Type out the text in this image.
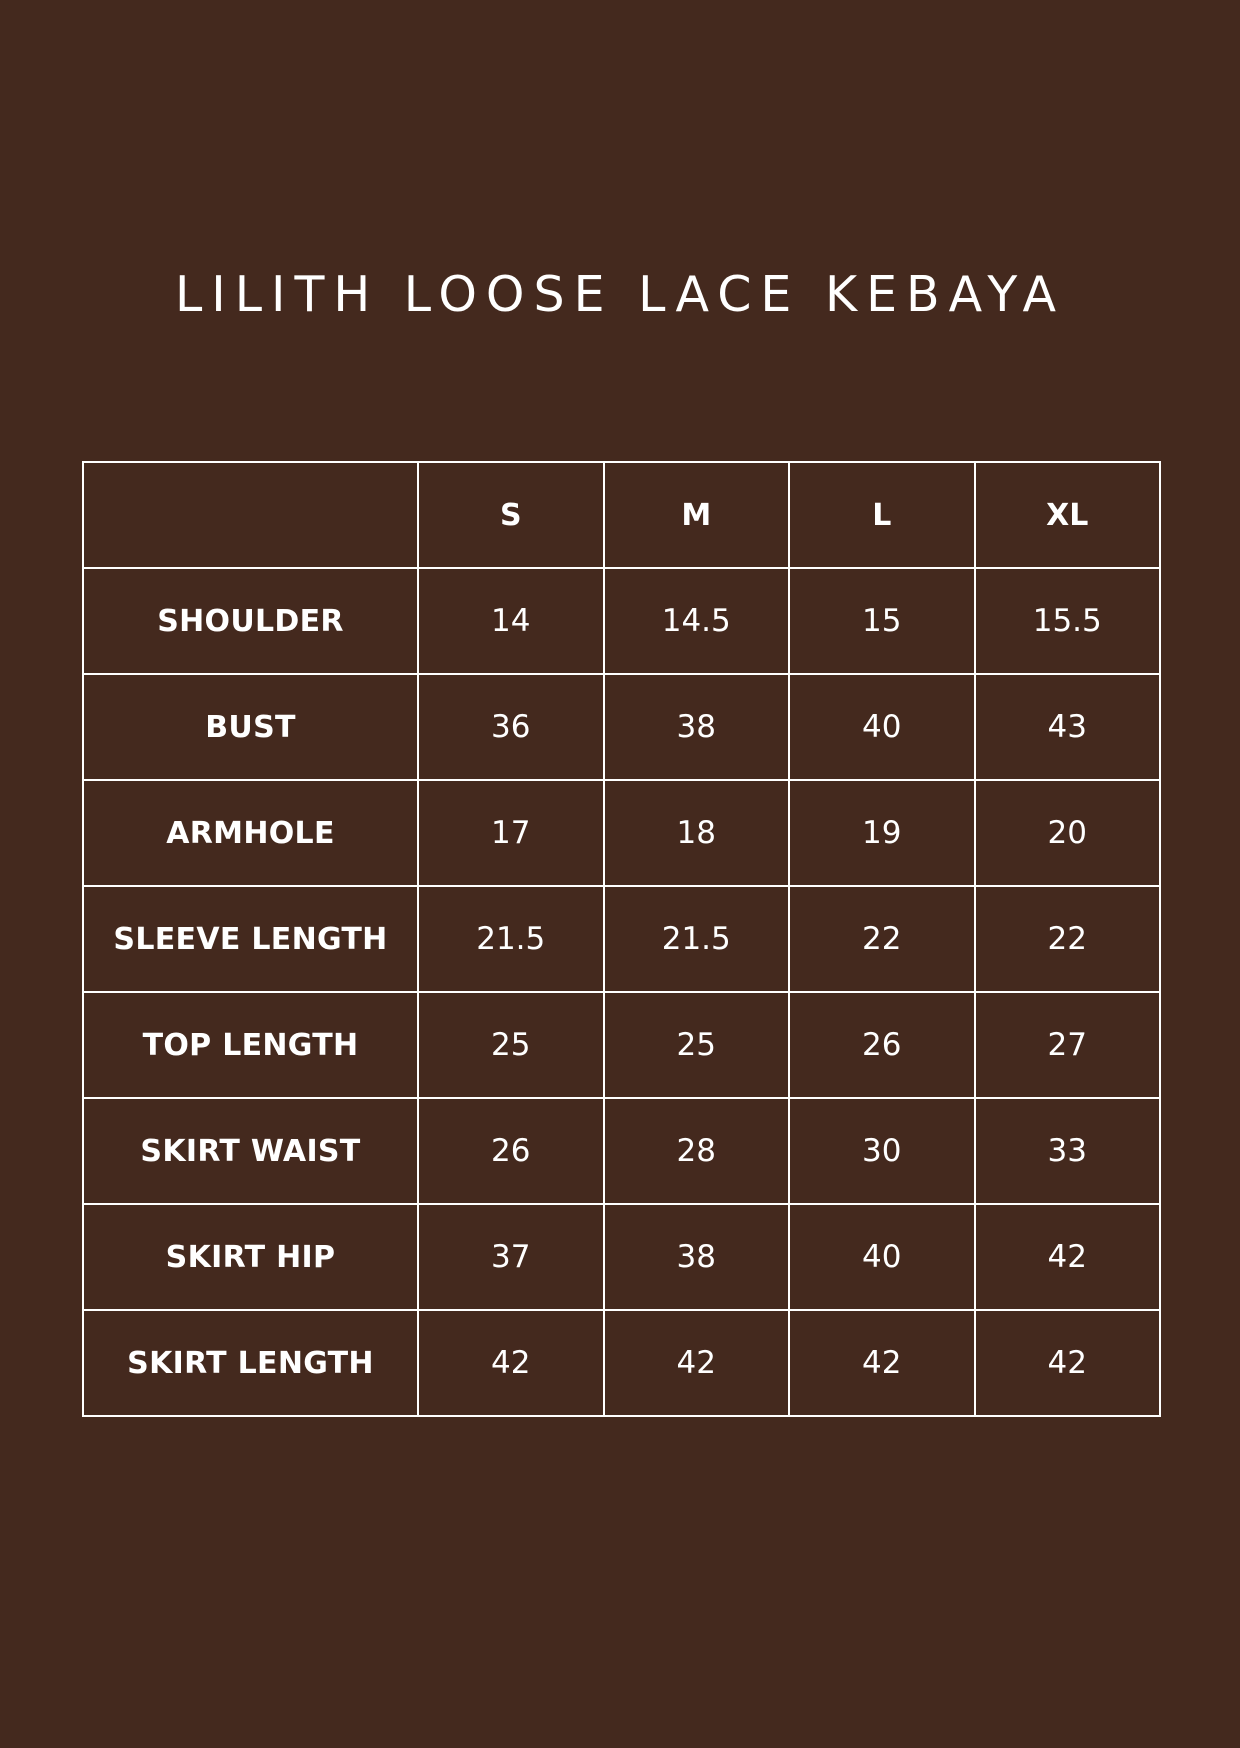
LILITH LOOSE LACE KEBAYA
	S	M	L	XL
SHOULDER	14	14.5	15	15.5
BUST	36	38	40	43
ARMHOLE	17	18	19	20
SLEEVE LENGTH	21.5	21.5	22	22
TOP LENGTH	25	25	26	27
SKIRT WAIST	26	28	30	33
SKIRT HIP	37	38	40	42
SKIRT LENGTH	42	42	42	42
